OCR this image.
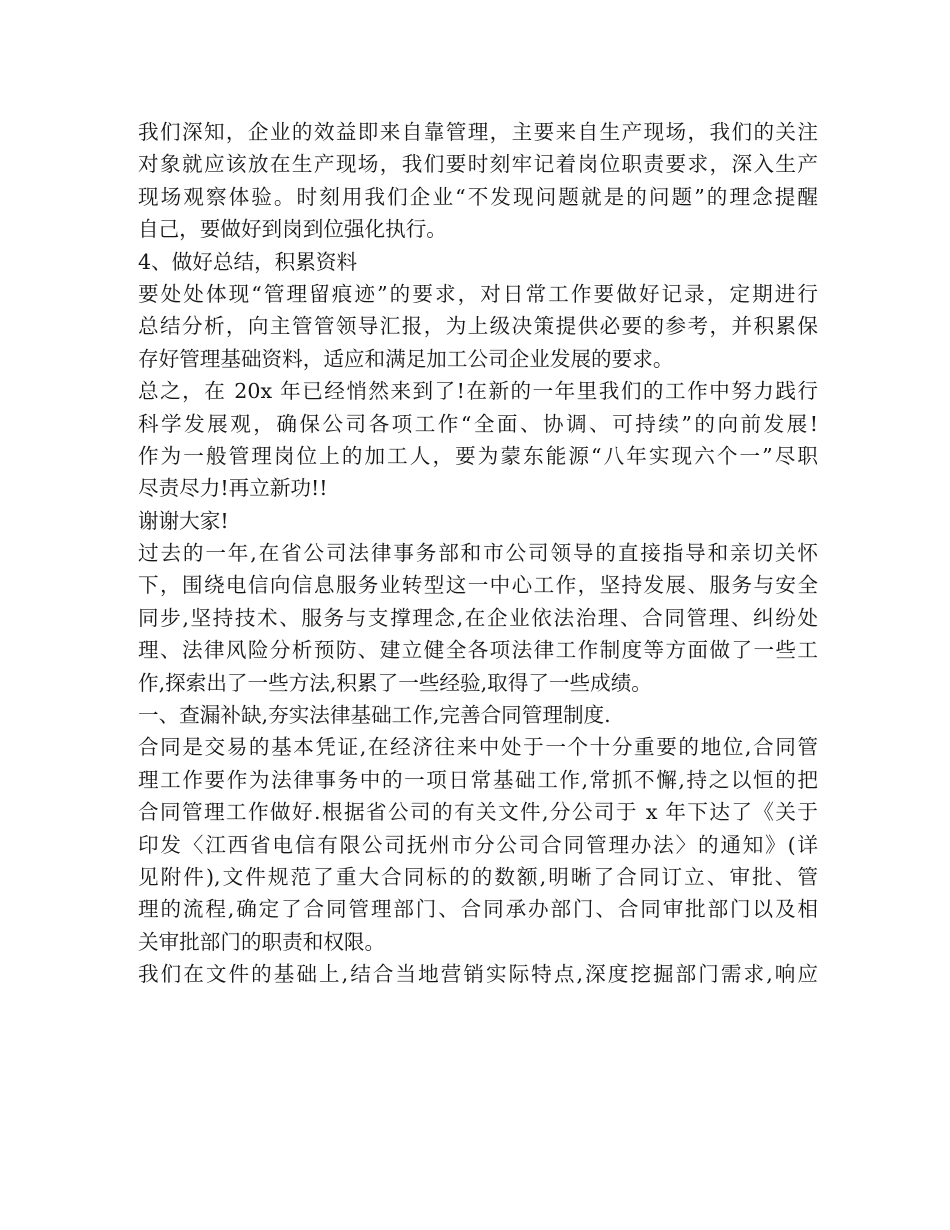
我们深知，企业的效益即来自靠管理，主要来自生产现场，我们的关注
对象就应该放在生产现场，我们要时刻牢记着岗位职责要求，深入生产
现场观察体验。时刻用我们企业“不发现问题就是的问题”的理念提醒
自己，要做好到岗到位强化执行。
4、做好总结，积累资料
要处处体现“管理留痕迹”的要求，对日常工作要做好记录，定期进行
总结分析，向主管管领导汇报，为上级决策提供必要的参考，并积累保
存好管理基础资料，适应和满足加工公司企业发展的要求。
总之，在 20x 年已经悄然来到了!在新的一年里我们的工作中努力践行
科学发展观，确保公司各项工作“全面、协调、可持续”的向前发展!
作为一般管理岗位上的加工人，要为蒙东能源“八年实现六个一”尽职
尽责尽力!再立新功!!
谢谢大家!
过去的一年,在省公司法律事务部和市公司领导的直接指导和亲切关怀
下，围绕电信向信息服务业转型这一中心工作，坚持发展、服务与安全
同步,坚持技术、服务与支撑理念,在企业依法治理、合同管理、纠纷处
理、法律风险分析预防、建立健全各项法律工作制度等方面做了一些工
作,探索出了一些方法,积累了一些经验,取得了一些成绩。
一、查漏补缺,夯实法律基础工作,完善合同管理制度.
合同是交易的基本凭证,在经济往来中处于一个十分重要的地位,合同管
理工作要作为法律事务中的一项日常基础工作,常抓不懈,持之以恒的把
合同管理工作做好.根据省公司的有关文件,分公司于 x 年下达了《关于
印发〈江西省电信有限公司抚州市分公司合同管理办法〉的通知》(详
见附件),文件规范了重大合同标的的数额,明晰了合同订立、审批、管
理的流程,确定了合同管理部门、合同承办部门、合同审批部门以及相
关审批部门的职责和权限。
我们在文件的基础上,结合当地营销实际特点,深度挖掘部门需求,响应
